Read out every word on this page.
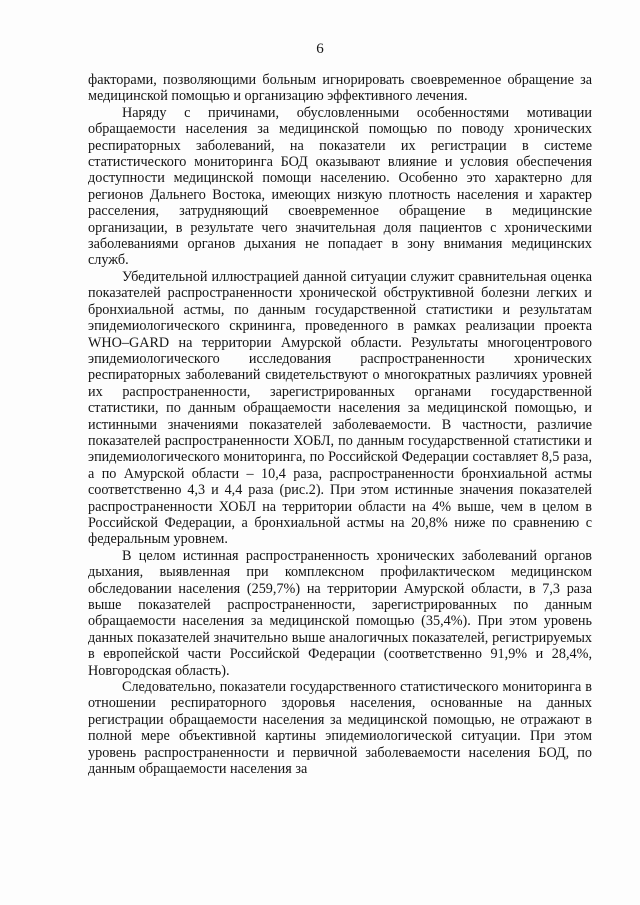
6

факторами, позволяющими больным игнорировать своевременное обращение за медицинской помощью и организацию эффективного лечения.

Наряду с причинами, обусловленными особенностями мотивации обращаемости населения за медицинской помощью по поводу хронических респираторных заболеваний, на показатели их регистрации в системе статистического мониторинга БОД оказывают влияние и условия обеспечения доступности медицинской помощи населению. Особенно это характерно для регионов Дальнего Востока, имеющих низкую плотность населения и характер расселения, затрудняющий своевременное обращение в медицинские организации, в результате чего значительная доля пациентов с хроническими заболеваниями органов дыхания не попадает в зону внимания медицинских служб.

Убедительной иллюстрацией данной ситуации служит сравнительная оценка показателей распространенности хронической обструктивной болезни легких и бронхиальной астмы, по данным государственной статистики и результатам эпидемиологического скрининга, проведенного в рамках реализации проекта WHO–GARD на территории Амурской области. Результаты многоцентрового эпидемиологического исследования распространенности хронических респираторных заболеваний свидетельствуют о многократных различиях уровней их распространенности, зарегистрированных органами государственной статистики, по данным обращаемости населения за медицинской помощью, и истинными значениями показателей заболеваемости. В частности, различие показателей распространенности ХОБЛ, по данным государственной статистики и эпидемиологического мониторинга, по Российской Федерации составляет 8,5 раза, а по Амурской области – 10,4 раза, распространенности бронхиальной астмы соответственно 4,3 и 4,4 раза (рис.2). При этом истинные значения показателей распространенности ХОБЛ на территории области на 4% выше, чем в целом в Российской Федерации, а бронхиальной астмы на 20,8% ниже по сравнению с федеральным уровнем.

В целом истинная распространенность хронических заболеваний органов дыхания, выявленная при комплексном профилактическом медицинском обследовании населения (259,7%) на территории Амурской области, в 7,3 раза выше показателей распространенности, зарегистрированных по данным обращаемости населения за медицинской помощью (35,4%). При этом уровень данных показателей значительно выше аналогичных показателей, регистрируемых в европейской части Российской Федерации (соответственно 91,9% и 28,4%, Новгородская область).

Следовательно, показатели государственного статистического мониторинга в отношении респираторного здоровья населения, основанные на данных регистрации обращаемости населения за медицинской помощью, не отражают в полной мере объективной картины эпидемиологической ситуации. При этом уровень распространенности и первичной заболеваемости населения БОД, по данным обращаемости населения за
